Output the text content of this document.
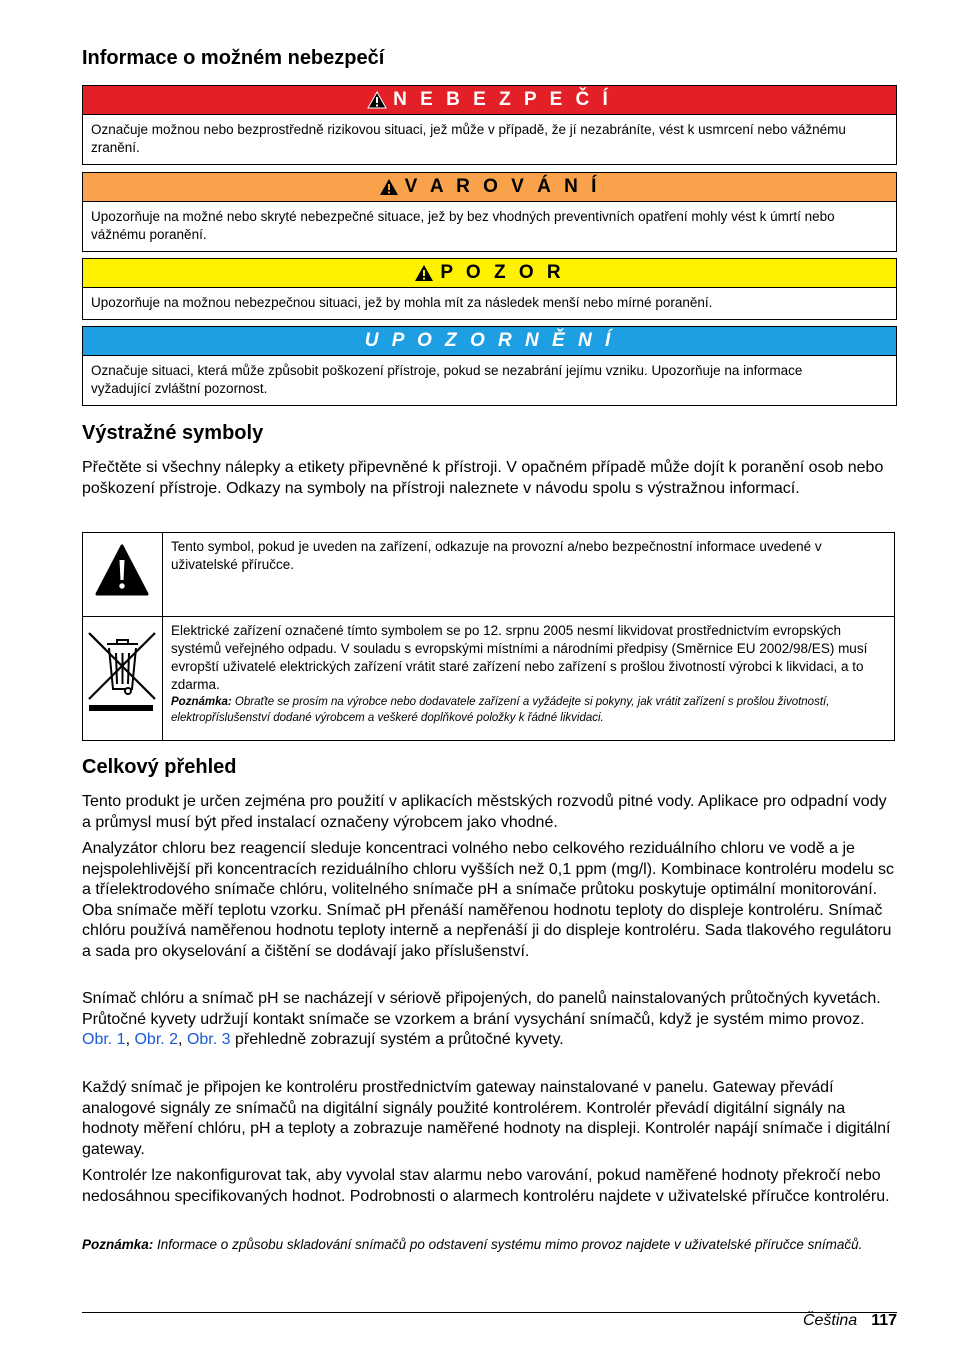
Informace o možném nebezpečí
N E B E Z P E Č Í
Označuje možnou nebo bezprostředně rizikovou situaci, jež může v případě, že jí nezabráníte, vést k usmrcení nebo vážnému zranění.
V A R O V Á N Í
Upozorňuje na možné nebo skryté nebezpečné situace, jež by bez vhodných preventivních opatření mohly vést k úmrtí nebo vážnému poranění.
P O Z O R
Upozorňuje na možnou nebezpečnou situaci, jež by mohla mít za následek menší nebo mírné poranění.
U P O Z O R N Ě N Í
Označuje situaci, která může způsobit poškození přístroje, pokud se nezabrání jejímu vzniku. Upozorňuje na informace vyžadující zvláštní pozornost.
Výstražné symboly

Přečtěte si všechny nálepky a etikety připevněné k přístroji. V opačném případě může dojít k poranění osob nebo poškození přístroje. Odkazy na symboly na přístroji naleznete v návodu spolu s výstražnou informací.

	Tento symbol, pokud je uveden na zařízení, odkazuje na provozní a/nebo bezpečnostní informace uvedené v uživatelské příručce.

Elektrické zařízení označené tímto symbolem se po 12. srpnu 2005 nesmí likvidovat prostřednictvím evropských systémů veřejného odpadu. V souladu s evropskými místními a národními předpisy (Směrnice EU 2002/98/ES) musí evropští uživatelé elektrických zařízení vrátit staré zařízení nebo zařízení s prošlou životností výrobci k likvidaci, a to zdarma.
Poznámka: Obraťte se prosím na výrobce nebo dodavatele zařízení a vyžádejte si pokyny, jak vrátit zařízení s prošlou životností, elektropříslušenství dodané výrobcem a veškeré doplňkové položky k řádné likvidaci.
Celkový přehled

Tento produkt je určen zejména pro použití v aplikacích městských rozvodů pitné vody. Aplikace pro odpadní vody a průmysl musí být před instalací označeny výrobcem jako vhodné.

Analyzátor chloru bez reagencií sleduje koncentraci volného nebo celkového reziduálního chloru ve vodě a je nejspolehlivější při koncentracích reziduálního chloru vyšších než 0,1 ppm (mg/l). Kombinace kontroléru modelu sc a tříelektrodového snímače chlóru, volitelného snímače pH a snímače průtoku poskytuje optimální monitorování. Oba snímače měří teplotu vzorku. Snímač pH přenáší naměřenou hodnotu teploty do displeje kontroléru. Snímač chlóru používá naměřenou hodnotu teploty interně a nepřenáší ji do displeje kontroléru. Sada tlakového regulátoru a sada pro okyselování a čištění se dodávají jako příslušenství.

Snímač chlóru a snímač pH se nacházejí v sériově připojených, do panelů nainstalovaných průtočných kyvetách. Průtočné kyvety udržují kontakt snímače se vzorkem a brání vysychání snímačů, když je systém mimo provoz. Obr. 1, Obr. 2, Obr. 3 přehledně zobrazují systém a průtočné kyvety.

Každý snímač je připojen ke kontroléru prostřednictvím gateway nainstalované v panelu. Gateway převádí analogové signály ze snímačů na digitální signály použité kontrolérem. Kontrolér převádí digitální signály na hodnoty měření chlóru, pH a teploty a zobrazuje naměřené hodnoty na displeji. Kontrolér napájí snímače i digitální gateway.

Kontrolér lze nakonfigurovat tak, aby vyvolal stav alarmu nebo varování, pokud naměřené hodnoty překročí nebo nedosáhnou specifikovaných hodnot. Podrobnosti o alarmech kontroléru najdete v uživatelské příručce kontroléru.

Poznámka: Informace o způsobu skladování snímačů po odstavení systému mimo provoz najdete v uživatelské příručce snímačů.
Čeština 117
